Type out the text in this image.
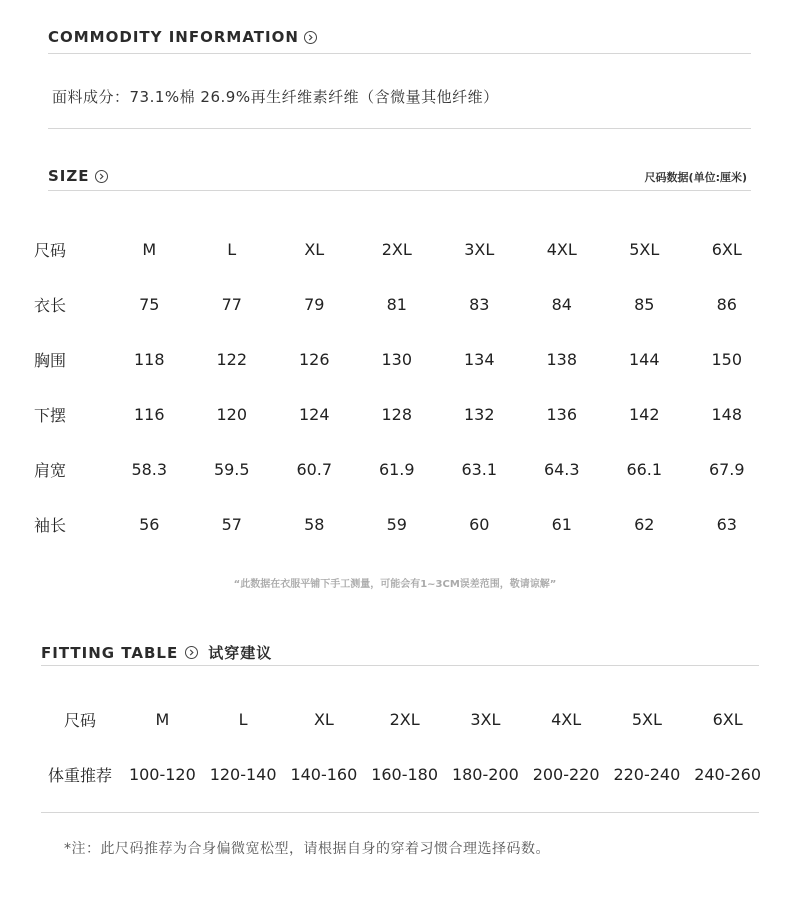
COMMODITY INFORMATION
面料成分：73.1%棉 26.9%再生纤维素纤维（含微量其他纤维）
SIZE	尺码数据(单位:厘米)
尺码	M	L	XL	2XL	3XL	4XL	5XL	6XL
衣长	75	77	79	81	83	84	85	86
胸围	118	122	126	130	134	138	144	150
下摆	116	120	124	128	132	136	142	148
肩宽	58.3	59.5	60.7	61.9	63.1	64.3	66.1	67.9
袖长	56	57	58	59	60	61	62	63
“此数据在衣服平铺下手工测量，可能会有1~3CM误差范围，敬请谅解”
FITTING TABLE 试穿建议
尺码	M	L	XL	2XL	3XL	4XL	5XL	6XL
体重推荐	100-120	120-140	140-160	160-180	180-200	200-220	220-240	240-260
*注：此尺码推荐为合身偏微宽松型，请根据自身的穿着习惯合理选择码数。
